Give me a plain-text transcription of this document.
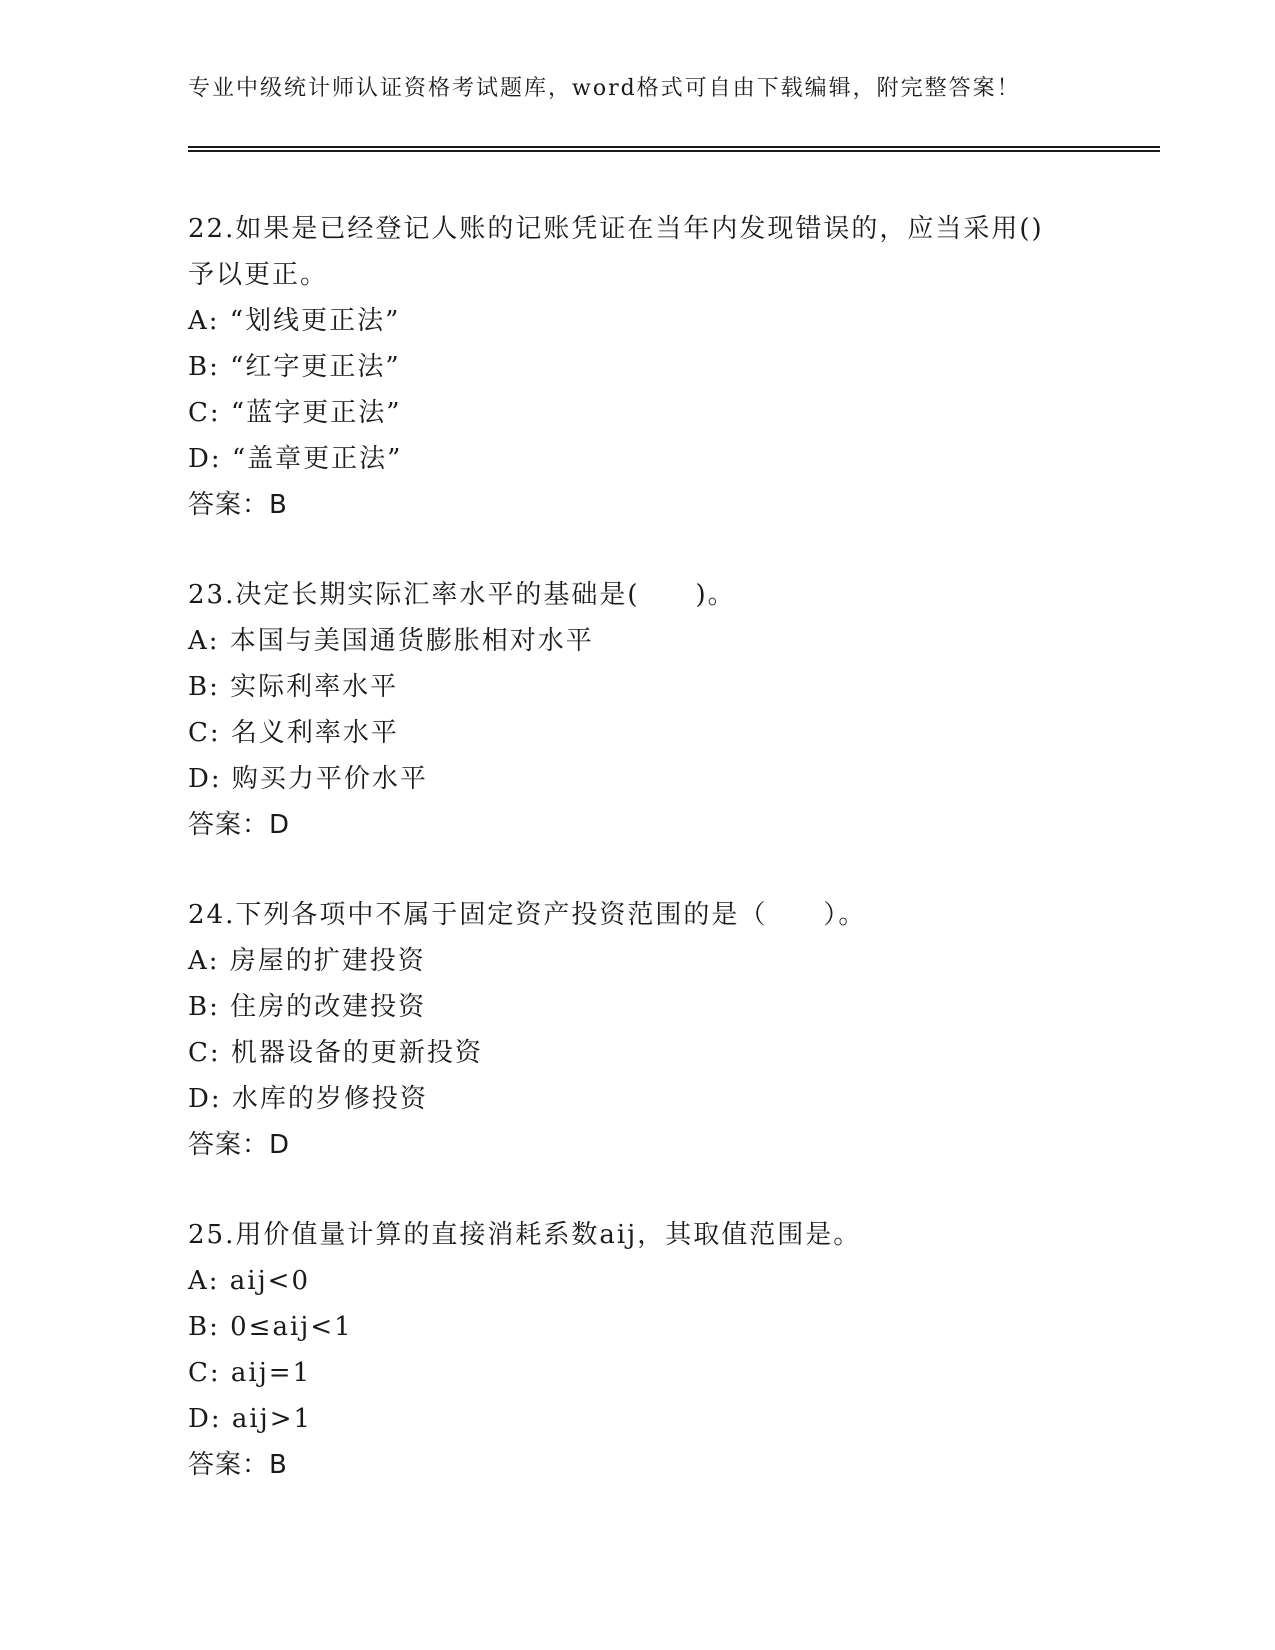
专业中级统计师认证资格考试题库，word格式可自由下载编辑，附完整答案！
22.如果是已经登记人账的记账凭证在当年内发现错误的，应当采用()
予以更正。
A: “划线更正法”
B: “红字更正法”
C: “蓝字更正法”
D: “盖章更正法”
答案：B
23.决定长期实际汇率水平的基础是(　　)。
A: 本国与美国通货膨胀相对水平
B: 实际利率水平
C: 名义利率水平
D: 购买力平价水平
答案：D
24.下列各项中不属于固定资产投资范围的是（　　）。
A: 房屋的扩建投资
B: 住房的改建投资
C: 机器设备的更新投资
D: 水库的岁修投资
答案：D
25.用价值量计算的直接消耗系数aij，其取值范围是。
A: aij<0
B: 0≤aij<1
C: aij=1
D: aij>1
答案：B
